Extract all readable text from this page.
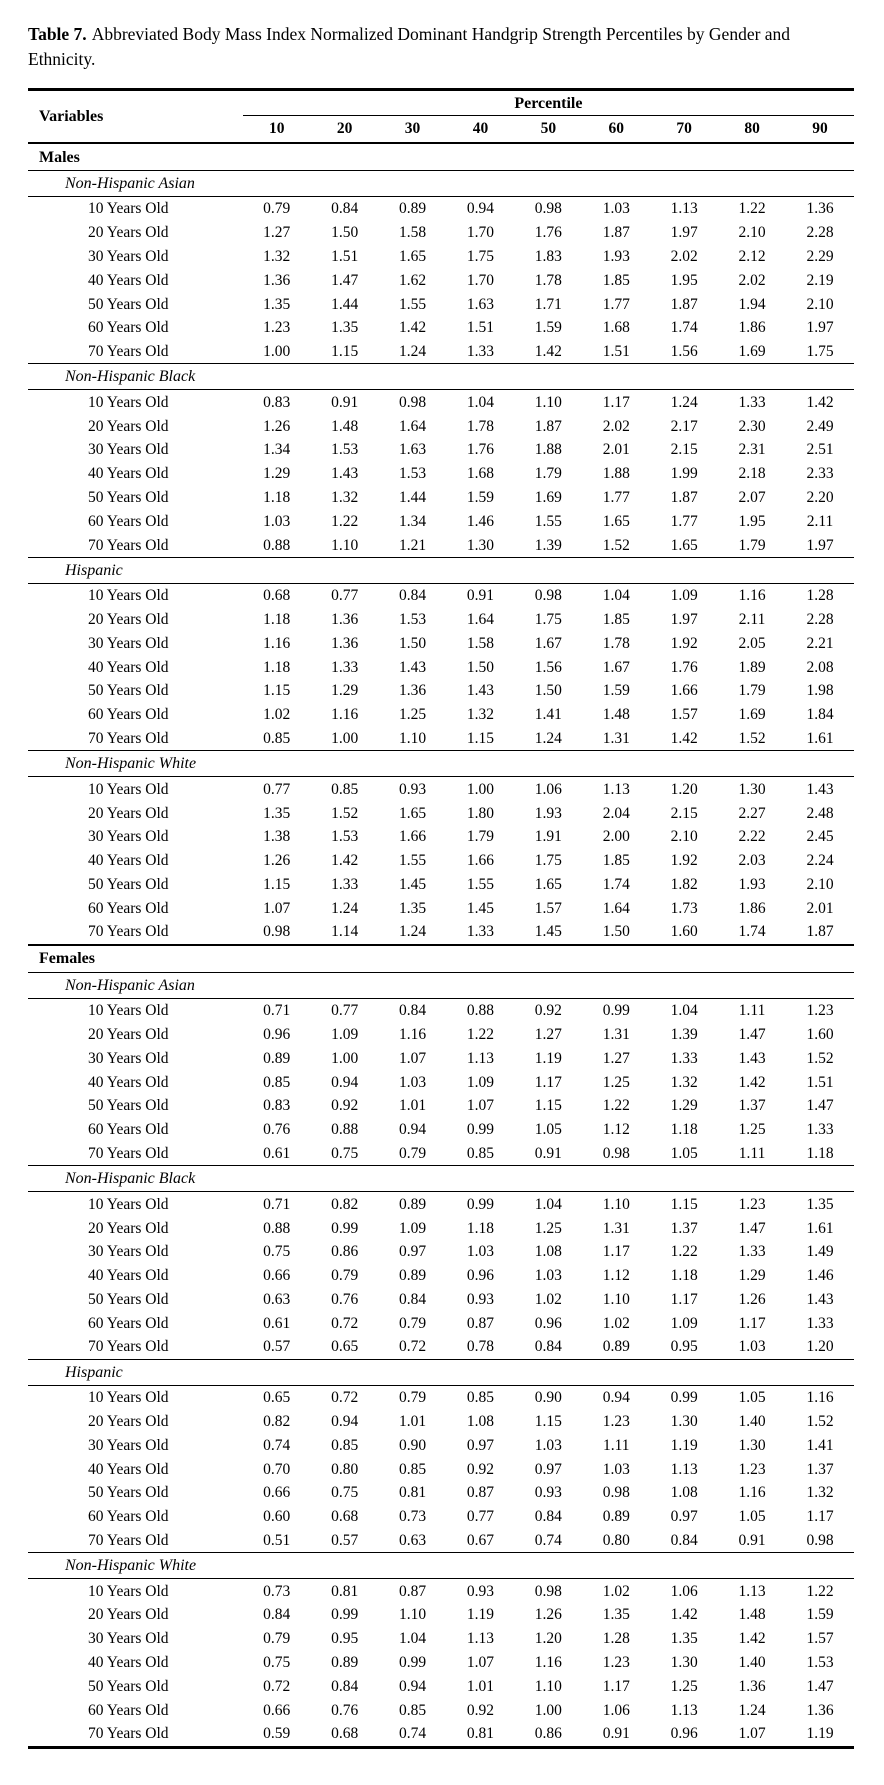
Table 7. Abbreviated Body Mass Index Normalized Dominant Handgrip Strength Percentiles by Gender and Ethnicity.
Variables	Percentile								
	10	20	30	40	50	60	70	80	90
Males									
Non-Hispanic Asian									
10 Years Old	0.79	0.84	0.89	0.94	0.98	1.03	1.13	1.22	1.36
20 Years Old	1.27	1.50	1.58	1.70	1.76	1.87	1.97	2.10	2.28
30 Years Old	1.32	1.51	1.65	1.75	1.83	1.93	2.02	2.12	2.29
40 Years Old	1.36	1.47	1.62	1.70	1.78	1.85	1.95	2.02	2.19
50 Years Old	1.35	1.44	1.55	1.63	1.71	1.77	1.87	1.94	2.10
60 Years Old	1.23	1.35	1.42	1.51	1.59	1.68	1.74	1.86	1.97
70 Years Old	1.00	1.15	1.24	1.33	1.42	1.51	1.56	1.69	1.75
Non-Hispanic Black									
10 Years Old	0.83	0.91	0.98	1.04	1.10	1.17	1.24	1.33	1.42
20 Years Old	1.26	1.48	1.64	1.78	1.87	2.02	2.17	2.30	2.49
30 Years Old	1.34	1.53	1.63	1.76	1.88	2.01	2.15	2.31	2.51
40 Years Old	1.29	1.43	1.53	1.68	1.79	1.88	1.99	2.18	2.33
50 Years Old	1.18	1.32	1.44	1.59	1.69	1.77	1.87	2.07	2.20
60 Years Old	1.03	1.22	1.34	1.46	1.55	1.65	1.77	1.95	2.11
70 Years Old	0.88	1.10	1.21	1.30	1.39	1.52	1.65	1.79	1.97
Hispanic									
10 Years Old	0.68	0.77	0.84	0.91	0.98	1.04	1.09	1.16	1.28
20 Years Old	1.18	1.36	1.53	1.64	1.75	1.85	1.97	2.11	2.28
30 Years Old	1.16	1.36	1.50	1.58	1.67	1.78	1.92	2.05	2.21
40 Years Old	1.18	1.33	1.43	1.50	1.56	1.67	1.76	1.89	2.08
50 Years Old	1.15	1.29	1.36	1.43	1.50	1.59	1.66	1.79	1.98
60 Years Old	1.02	1.16	1.25	1.32	1.41	1.48	1.57	1.69	1.84
70 Years Old	0.85	1.00	1.10	1.15	1.24	1.31	1.42	1.52	1.61
Non-Hispanic White									
10 Years Old	0.77	0.85	0.93	1.00	1.06	1.13	1.20	1.30	1.43
20 Years Old	1.35	1.52	1.65	1.80	1.93	2.04	2.15	2.27	2.48
30 Years Old	1.38	1.53	1.66	1.79	1.91	2.00	2.10	2.22	2.45
40 Years Old	1.26	1.42	1.55	1.66	1.75	1.85	1.92	2.03	2.24
50 Years Old	1.15	1.33	1.45	1.55	1.65	1.74	1.82	1.93	2.10
60 Years Old	1.07	1.24	1.35	1.45	1.57	1.64	1.73	1.86	2.01
70 Years Old	0.98	1.14	1.24	1.33	1.45	1.50	1.60	1.74	1.87
Females									
Non-Hispanic Asian									
10 Years Old	0.71	0.77	0.84	0.88	0.92	0.99	1.04	1.11	1.23
20 Years Old	0.96	1.09	1.16	1.22	1.27	1.31	1.39	1.47	1.60
30 Years Old	0.89	1.00	1.07	1.13	1.19	1.27	1.33	1.43	1.52
40 Years Old	0.85	0.94	1.03	1.09	1.17	1.25	1.32	1.42	1.51
50 Years Old	0.83	0.92	1.01	1.07	1.15	1.22	1.29	1.37	1.47
60 Years Old	0.76	0.88	0.94	0.99	1.05	1.12	1.18	1.25	1.33
70 Years Old	0.61	0.75	0.79	0.85	0.91	0.98	1.05	1.11	1.18
Non-Hispanic Black									
10 Years Old	0.71	0.82	0.89	0.99	1.04	1.10	1.15	1.23	1.35
20 Years Old	0.88	0.99	1.09	1.18	1.25	1.31	1.37	1.47	1.61
30 Years Old	0.75	0.86	0.97	1.03	1.08	1.17	1.22	1.33	1.49
40 Years Old	0.66	0.79	0.89	0.96	1.03	1.12	1.18	1.29	1.46
50 Years Old	0.63	0.76	0.84	0.93	1.02	1.10	1.17	1.26	1.43
60 Years Old	0.61	0.72	0.79	0.87	0.96	1.02	1.09	1.17	1.33
70 Years Old	0.57	0.65	0.72	0.78	0.84	0.89	0.95	1.03	1.20
Hispanic									
10 Years Old	0.65	0.72	0.79	0.85	0.90	0.94	0.99	1.05	1.16
20 Years Old	0.82	0.94	1.01	1.08	1.15	1.23	1.30	1.40	1.52
30 Years Old	0.74	0.85	0.90	0.97	1.03	1.11	1.19	1.30	1.41
40 Years Old	0.70	0.80	0.85	0.92	0.97	1.03	1.13	1.23	1.37
50 Years Old	0.66	0.75	0.81	0.87	0.93	0.98	1.08	1.16	1.32
60 Years Old	0.60	0.68	0.73	0.77	0.84	0.89	0.97	1.05	1.17
70 Years Old	0.51	0.57	0.63	0.67	0.74	0.80	0.84	0.91	0.98
Non-Hispanic White									
10 Years Old	0.73	0.81	0.87	0.93	0.98	1.02	1.06	1.13	1.22
20 Years Old	0.84	0.99	1.10	1.19	1.26	1.35	1.42	1.48	1.59
30 Years Old	0.79	0.95	1.04	1.13	1.20	1.28	1.35	1.42	1.57
40 Years Old	0.75	0.89	0.99	1.07	1.16	1.23	1.30	1.40	1.53
50 Years Old	0.72	0.84	0.94	1.01	1.10	1.17	1.25	1.36	1.47
60 Years Old	0.66	0.76	0.85	0.92	1.00	1.06	1.13	1.24	1.36
70 Years Old	0.59	0.68	0.74	0.81	0.86	0.91	0.96	1.07	1.19
